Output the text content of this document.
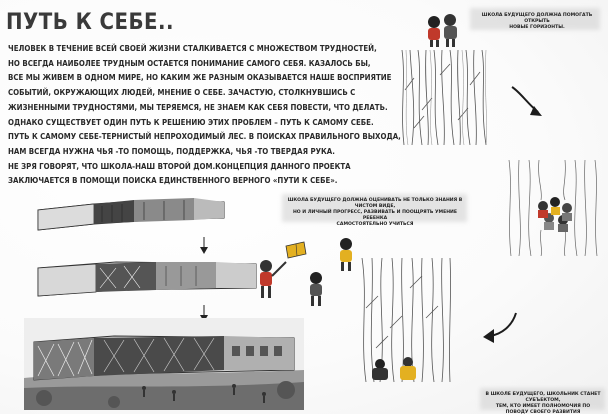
ПУТЬ К СЕБЕ..
ЧЕЛОВЕК В ТЕЧЕНИЕ ВСЕЙ СВОЕЙ ЖИЗНИ СТАЛКИВАЕТСЯ С МНОЖЕСТВОМ ТРУДНОСТЕЙ,
НО ВСЕГДА НАИБОЛЕЕ ТРУДНЫМ ОСТАЕТСЯ ПОНИМАНИЕ САМОГО СЕБЯ. КАЗАЛОСЬ БЫ,
ВСЕ МЫ ЖИВЕМ В ОДНОМ МИРЕ, НО КАКИМ ЖЕ РАЗНЫМ ОКАЗЫВАЕТСЯ НАШЕ ВОСПРИЯТИЕ
СОБЫТИЙ, ОКРУЖАЮЩИХ ЛЮДЕЙ, МНЕНИЕ О СЕБЕ. ЗАЧАСТУЮ, СТОЛКНУВШИСЬ С
ЖИЗНЕННЫМИ ТРУДНОСТЯМИ, МЫ ТЕРЯЕМСЯ, НЕ ЗНАЕМ КАК СЕБЯ ПОВЕСТИ, ЧТО ДЕЛАТЬ.
ОДНАКО СУЩЕСТВУЕТ ОДИН ПУТЬ К РЕШЕНИЮ ЭТИХ ПРОБЛЕМ – ПУТЬ К САМОМУ СЕБЕ.
ПУТЬ К САМОМУ СЕБЕ-ТЕРНИСТЫЙ НЕПРОХОДИМЫЙ ЛЕС. В ПОИСКАХ ПРАВИЛЬНОГО ВЫХОДА,
НАМ ВСЕГДА НУЖНА ЧЬЯ -ТО ПОМОЩЬ, ПОДДЕРЖКА, ЧЬЯ -ТО ТВЕРДАЯ РУКА.
НЕ ЗРЯ ГОВОРЯТ, ЧТО ШКОЛА-НАШ ВТОРОЙ ДОМ.КОНЦЕПЦИЯ ДАННОГО ПРОЕКТА
ЗАКЛЮЧАЕТСЯ В ПОМОЩИ ПОИСКА ЕДИНСТВЕННОГО ВЕРНОГО «ПУТИ К СЕБЕ».
ШКОЛА БУДУЩЕГО ДОЛЖНА ПОМОГАТЬ ОТКРЫТЬ
НОВЫЕ ГОРИЗОНТЫ.
ШКОЛА БУДУЩЕГО ДОЛЖНА ОЦЕНИВАТЬ НЕ ТОЛЬКО ЗНАНИЯ В ЧИСТОМ ВИДЕ,
НО И ЛИЧНЫЙ ПРОГРЕСС, РАЗВИВАТЬ И ПООЩРЯТЬ УМЕНИЕ РЕБЕНКА
САМОСТОЯТЕЛЬНО УЧИТЬСЯ
В ШКОЛЕ БУДУЩЕГО, ШКОЛЬНИК СТАНЕТ СУБЪЕКТОМ,
ТЕМ, КТО ИМЕЕТ ПОЛНОМОЧИЯ ПО ПОВОДУ СВОЕГО РАЗВИТИЯ
